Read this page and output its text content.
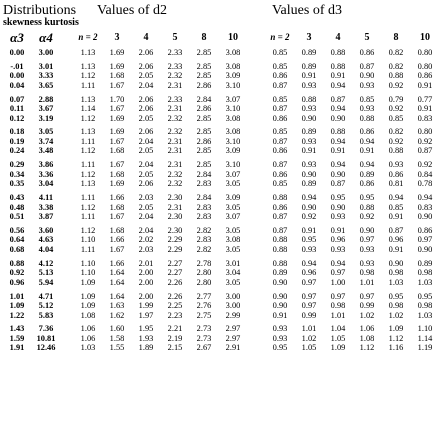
Distributions Values of d2	Values of d3
skewness kurtosis
α3	α4	n = 2	3	4	5	8	10	n = 2	3	4	5	8	10
0.00	3.00	1.13	1.69	2.06	2.33	2.85	3.08	0.85	0.89	0.88	0.86	0.82	0.80
-.01	3.01	1.13	1.69	2.06	2.33	2.85	3.08	0.85	0.89	0.88	0.87	0.82	0.80
0.00	3.33	1.12	1.68	2.05	2.32	2.85	3.09	0.86	0.91	0.91	0.90	0.88	0.86
0.04	3.65	1.11	1.67	2.04	2.31	2.86	3.10	0.87	0.93	0.94	0.93	0.92	0.91
0.07	2.88	1.13	1.70	2.06	2.33	2.84	3.07	0.85	0.88	0.87	0.85	0.79	0.77
0.11	3.67	1.14	1.67	2.06	2.31	2.86	3.10	0.87	0.93	0.94	0.93	0.92	0.91
0.12	3.19	1.12	1.69	2.05	2.32	2.85	3.08	0.86	0.90	0.90	0.88	0.85	0.83
0.18	3.05	1.13	1.69	2.06	2.32	2.85	3.08	0.85	0.89	0.88	0.86	0.82	0.80
0.19	3.74	1.11	1.67	2.04	2.31	2.86	3.10	0.87	0.93	0.94	0.94	0.92	0.92
0.24	3.48	1.12	1.68	2.05	2.31	2.85	3.09	0.86	0.91	0.91	0.91	0.88	0.87
0.29	3.86	1.11	1.67	2.04	2.31	2.85	3.10	0.87	0.93	0.94	0.94	0.93	0.92
0.34	3.36	1.12	1.68	2.05	2.32	2.84	3.07	0.86	0.90	0.90	0.89	0.86	0.84
0.35	3.04	1.13	1.69	2.06	2.32	2.83	3.05	0.85	0.89	0.87	0.86	0.81	0.78
0.43	4.11	1.11	1.66	2.03	2.30	2.84	3.09	0.88	0.94	0.95	0.95	0.94	0.94
0.48	3.38	1.12	1.68	2.05	2.31	2.83	3.05	0.86	0.90	0.90	0.88	0.85	0.83
0.51	3.87	1.11	1.67	2.04	2.30	2.83	3.07	0.87	0.92	0.93	0.92	0.91	0.90
0.56	3.60	1.12	1.68	2.04	2.30	2.82	3.05	0.87	0.91	0.91	0.90	0.87	0.86
0.64	4.63	1.10	1.66	2.02	2.29	2.83	3.08	0.88	0.95	0.96	0.97	0.96	0.97
0.68	4.04	1.11	1.67	2.03	2.29	2.82	3.05	0.88	0.93	0.93	0.93	0.91	0.90
0.88	4.12	1.10	1.66	2.01	2.27	2.78	3.01	0.88	0.94	0.94	0.93	0.90	0.89
0.92	5.13	1.10	1.64	2.00	2.27	2.80	3.04	0.89	0.96	0.97	0.98	0.98	0.98
0.96	5.94	1.09	1.64	2.00	2.26	2.80	3.05	0.90	0.97	1.00	1.01	1.03	1.03
1.01	4.71	1.09	1.64	2.00	2.26	2.77	3.00	0.90	0.97	0.97	0.97	0.95	0.95
1.09	5.12	1.09	1.63	1.99	2.25	2.76	3.00	0.90	0.97	0.98	0.99	0.98	0.98
1.22	5.83	1.08	1.62	1.97	2.23	2.75	2.99	0.91	0.99	1.01	1.02	1.02	1.03
1.43	7.36	1.06	1.60	1.95	2.21	2.73	2.97	0.93	1.01	1.04	1.06	1.09	1.10
1.59	10.81	1.06	1.58	1.93	2.19	2.73	2.97	0.93	1.02	1.05	1.08	1.12	1.14
1.91	12.46	1.03	1.55	1.89	2.15	2.67	2.91	0.95	1.05	1.09	1.12	1.16	1.19
